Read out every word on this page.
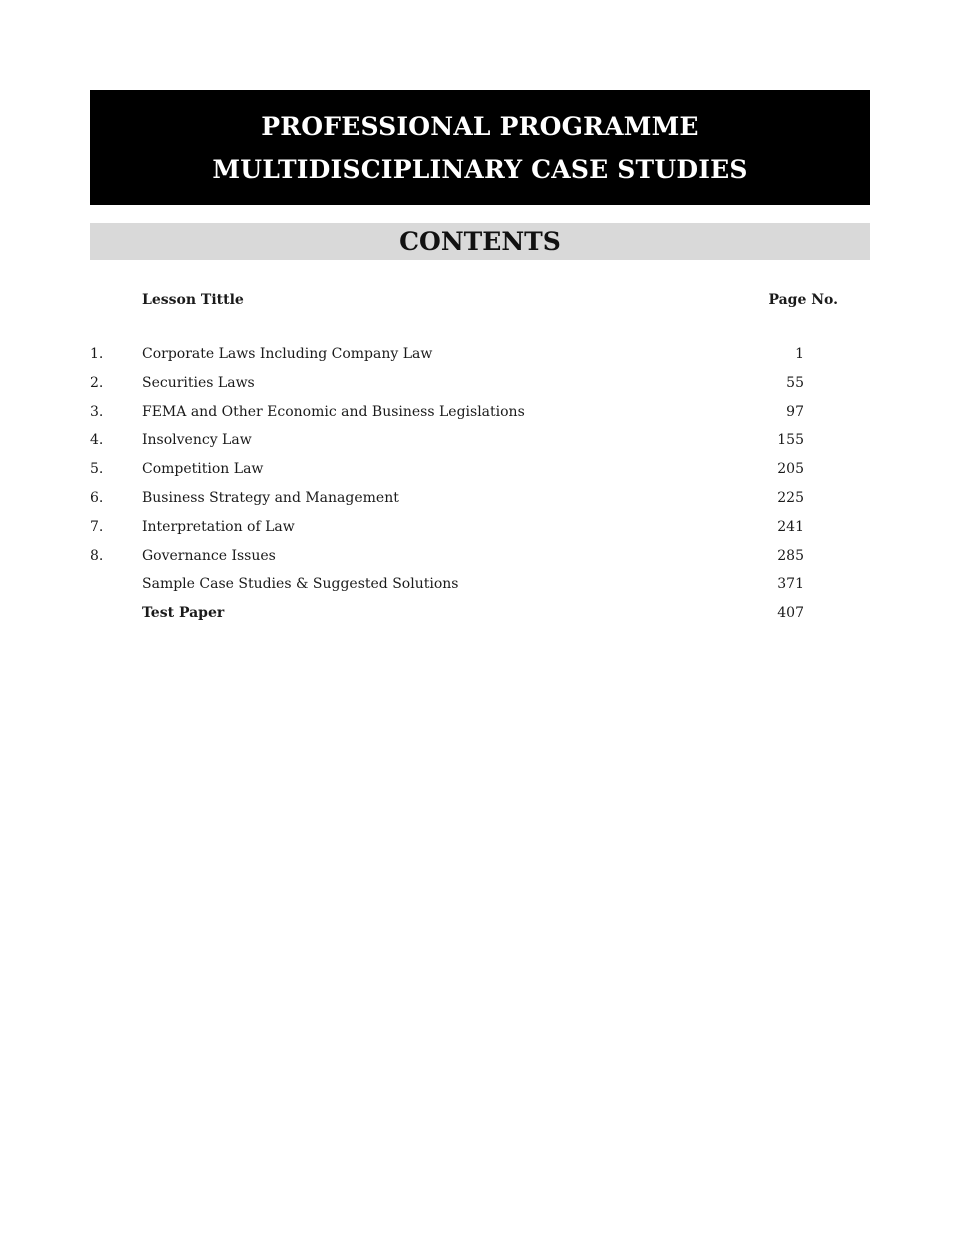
PROFESSIONAL PROGRAMME
MULTIDISCIPLINARY CASE STUDIES
CONTENTS
Lesson Tittle	Page No.
1.	Corporate Laws Including Company Law	1
2.	Securities Laws	55
3.	FEMA and Other Economic and Business Legislations	97
4.	Insolvency Law	155
5.	Competition Law	205
6.	Business Strategy and Management	225
7.	Interpretation of Law	241
8.	Governance Issues	285
Sample Case Studies & Suggested Solutions	371
Test Paper	407
